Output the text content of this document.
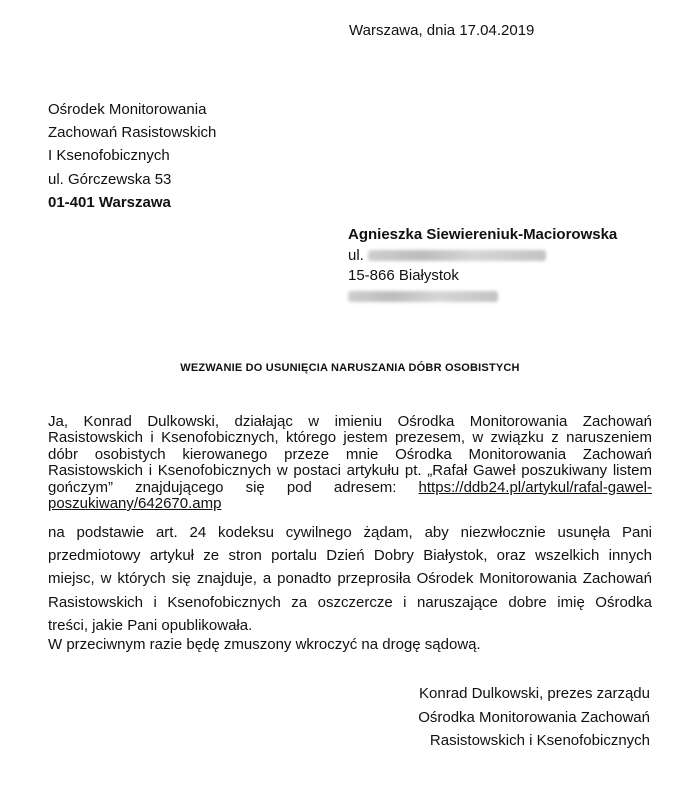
Warszawa, dnia 17.04.2019
Ośrodek Monitorowania
Zachowań Rasistowskich
I Ksenofobicznych
ul. Górczewska 53
01-401 Warszawa
Agnieszka Siewiereniuk-Maciorowska
ul.
15-866 Białystok
WEZWANIE DO USUNIĘCIA NARUSZANIA DÓBR OSOBISTYCH
Ja, Konrad Dulkowski, działając w imieniu Ośrodka Monitorowania Zachowań
Rasistowskich i Ksenofobicznych, którego jestem prezesem, w związku z naruszeniem
dóbr osobistych kierowanego przeze mnie Ośrodka Monitorowania Zachowań
Rasistowskich i Ksenofobicznych w postaci artykułu pt. „Rafał Gaweł poszukiwany listem
gończym” znajdującego się pod adresem: https://ddb24.pl/artykul/rafal-gawel-
poszukiwany/642670.amp
na podstawie art. 24 kodeksu cywilnego żądam, aby niezwłocznie usunęła Pani
przedmiotowy artykuł ze stron portalu Dzień Dobry Białystok, oraz wszelkich innych
miejsc, w których się znajduje, a ponadto przeprosiła Ośrodek Monitorowania Zachowań
Rasistowskich i Ksenofobicznych za oszczercze i naruszające dobre imię Ośrodka
treści, jakie Pani opublikowała.
W przeciwnym razie będę zmuszony wkroczyć na drogę sądową.
Konrad Dulkowski, prezes zarządu
Ośrodka Monitorowania Zachowań
Rasistowskich i Ksenofobicznych
